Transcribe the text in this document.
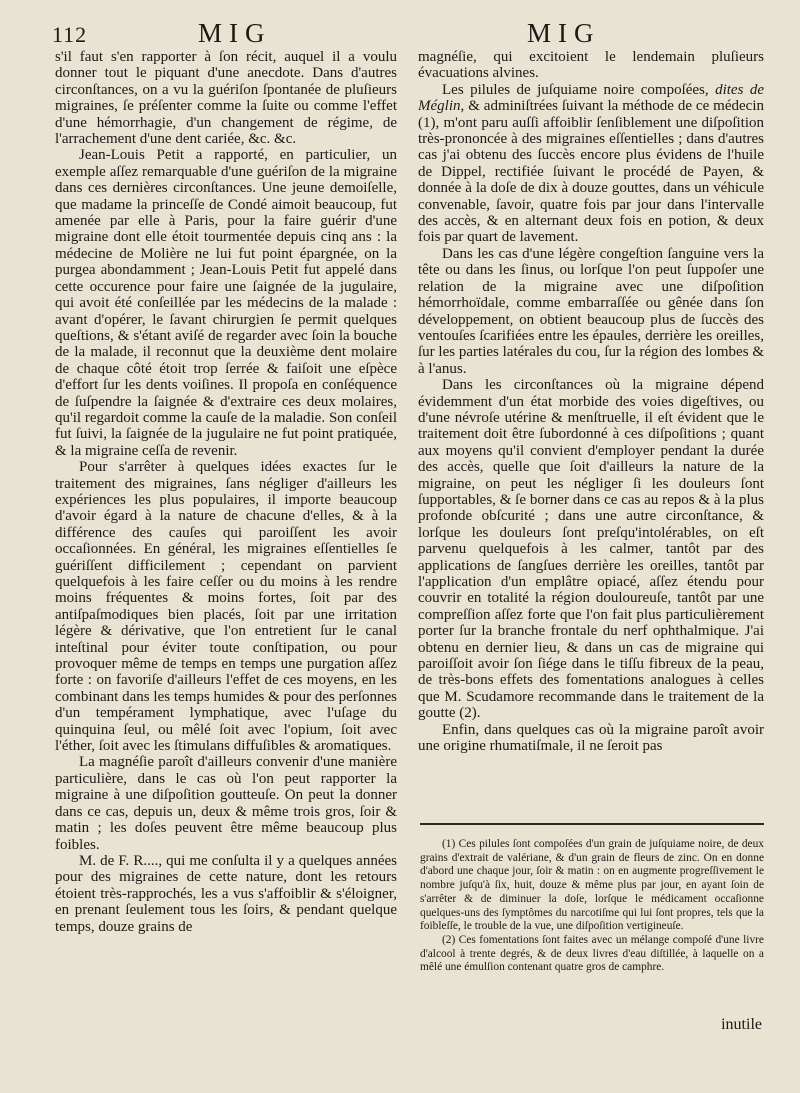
112	MIG	MIG

s'il faut s'en rapporter à ſon récit, auquel il a voulu donner tout le piquant d'une anecdote. Dans d'autres circonſtances, on a vu la guériſon ſpontanée de pluſieurs migraines, ſe préſenter comme la ſuite ou comme l'effet d'une hémorrhagie, d'un changement de régime, de l'arrachement d'une dent cariée, &c. &c.

Jean-Louis Petit a rapporté, en particulier, un exemple aſſez remarquable d'une guériſon de la migraine dans ces dernières circonſtances. Une jeune demoiſelle, que madame la princeſſe de Condé aimoit beaucoup, fut amenée par elle à Paris, pour la faire guérir d'une migraine dont elle étoit tourmentée depuis cinq ans : la médecine de Molière ne lui fut point épargnée, on la purgea abondamment ; Jean-Louis Petit fut appelé dans cette occurence pour faire une ſaignée de la jugulaire, qui avoit été conſeillée par les médecins de la malade : avant d'opérer, le ſavant chirurgien ſe permit quelques queſtions, & s'étant aviſé de regarder avec ſoin la bouche de la malade, il reconnut que la deuxième dent molaire de chaque côté étoit trop ſerrée & faiſoit une eſpèce d'effort ſur les dents voiſines. Il propoſa en conſéquence de ſuſpendre la ſaignée & d'extraire ces deux molaires, qu'il regardoit comme la cauſe de la maladie. Son conſeil fut ſuivi, la ſaignée de la jugulaire ne fut point pratiquée, & la migraine ceſſa de revenir.

Pour s'arrêter à quelques idées exactes ſur le traitement des migraines, ſans négliger d'ailleurs les expériences les plus populaires, il importe beaucoup d'avoir égard à la nature de chacune d'elles, & à la différence des cauſes qui paroiſſent les avoir occaſionnées. En général, les migraines eſſentielles ſe guériſſent difficilement ; cependant on parvient quelquefois à les faire ceſſer ou du moins à les rendre moins fréquentes & moins fortes, ſoit par des antiſpaſmodiques bien placés, ſoit par une irritation légère & dérivative, que l'on entretient ſur le canal inteſtinal pour éviter toute conſtipation, ou pour provoquer même de temps en temps une purgation aſſez forte : on favoriſe d'ailleurs l'effet de ces moyens, en les combinant dans les temps humides & pour des perſonnes d'un tempérament lymphatique, avec l'uſage du quinquina ſeul, ou mêlé ſoit avec l'opium, ſoit avec l'éther, ſoit avec les ſtimulans diffuſibles & aromatiques.

La magnéſie paroît d'ailleurs convenir d'une manière particulière, dans le cas où l'on peut rapporter la migraine à une diſpoſition goutteuſe. On peut la donner dans ce cas, depuis un, deux & même trois gros, ſoir & matin ; les doſes peuvent être même beaucoup plus foibles.

M. de F. R...., qui me conſulta il y a quelques années pour des migraines de cette nature, dont les retours étoient très-rapprochés, les a vus s'affoiblir & s'éloigner, en prenant ſeulement tous les ſoirs, & pendant quelque temps, douze grains de

magnéſie, qui excitoient le lendemain pluſieurs évacuations alvines.

Les pilules de juſquiame noire compoſées, dites de Méglin, & adminiſtrées ſuivant la méthode de ce médecin (1), m'ont paru auſſi affoiblir ſenſiblement une diſpoſition très-prononcée à des migraines eſſentielles ; dans d'autres cas j'ai obtenu des ſuccès encore plus évidens de l'huile de Dippel, rectifiée ſuivant le procédé de Payen, & donnée à la doſe de dix à douze gouttes, dans un véhicule convenable, ſavoir, quatre fois par jour dans l'intervalle des accès, & en alternant deux fois en potion, & deux fois par quart de lavement.

Dans les cas d'une légère congeſtion ſanguine vers la tête ou dans les ſinus, ou lorſque l'on peut ſuppoſer une relation de la migraine avec une diſpoſition hémorrhoïdale, comme embarraſſée ou gênée dans ſon développement, on obtient beaucoup plus de ſuccès des ventouſes ſcarifiées entre les épaules, derrière les oreilles, ſur les parties latérales du cou, ſur la région des lombes & à l'anus.

Dans les circonſtances où la migraine dépend évidemment d'un état morbide des voies digeſtives, ou d'une névroſe utérine & menſtruelle, il eſt évident que le traitement doit être ſubordonné à ces diſpoſitions ; quant aux moyens qu'il convient d'employer pendant la durée des accès, quelle que ſoit d'ailleurs la nature de la migraine, on peut les négliger ſi les douleurs ſont ſupportables, & ſe borner dans ce cas au repos & à la plus profonde obſcurité ; dans une autre circonſtance, & lorſque les douleurs ſont preſqu'intolérables, on eſt parvenu quelquefois à les calmer, tantôt par des applications de ſangſues derrière les oreilles, tantôt par l'application d'un emplâtre opiacé, aſſez étendu pour couvrir en totalité la région douloureuſe, tantôt par une compreſſion aſſez forte que l'on fait plus particulièrement porter ſur la branche frontale du nerf ophthalmique. J'ai obtenu en dernier lieu, & dans un cas de migraine qui paroiſſoit avoir ſon ſiége dans le tiſſu fibreux de la peau, de très-bons effets des fomentations analogues à celles que M. Scudamore recommande dans le traitement de la goutte (2).

Enfin, dans quelques cas où la migraine paroît avoir une origine rhumatiſmale, il ne ſeroit pas

(1) Ces pilules ſont compoſées d'un grain de juſquiame noire, de deux grains d'extrait de valériane, & d'un grain de fleurs de zinc. On en donne d'abord une chaque jour, ſoir & matin : on en augmente progreſſivement le nombre juſqu'à ſix, huit, douze & même plus par jour, en ayant ſoin de s'arrêter & de diminuer la doſe, lorſque le médicament occaſionne quelques-uns des ſymptômes du narcotiſme qui lui ſont propres, tels que la foibleſſe, le trouble de la vue, une diſpoſition vertigineuſe.

(2) Ces fomentations ſont faites avec un mélange compoſé d'une livre d'alcool à trente degrés, & de deux livres d'eau diſtillée, à laquelle on a mêlé une émulſion contenant quatre gros de camphre.

inutile
